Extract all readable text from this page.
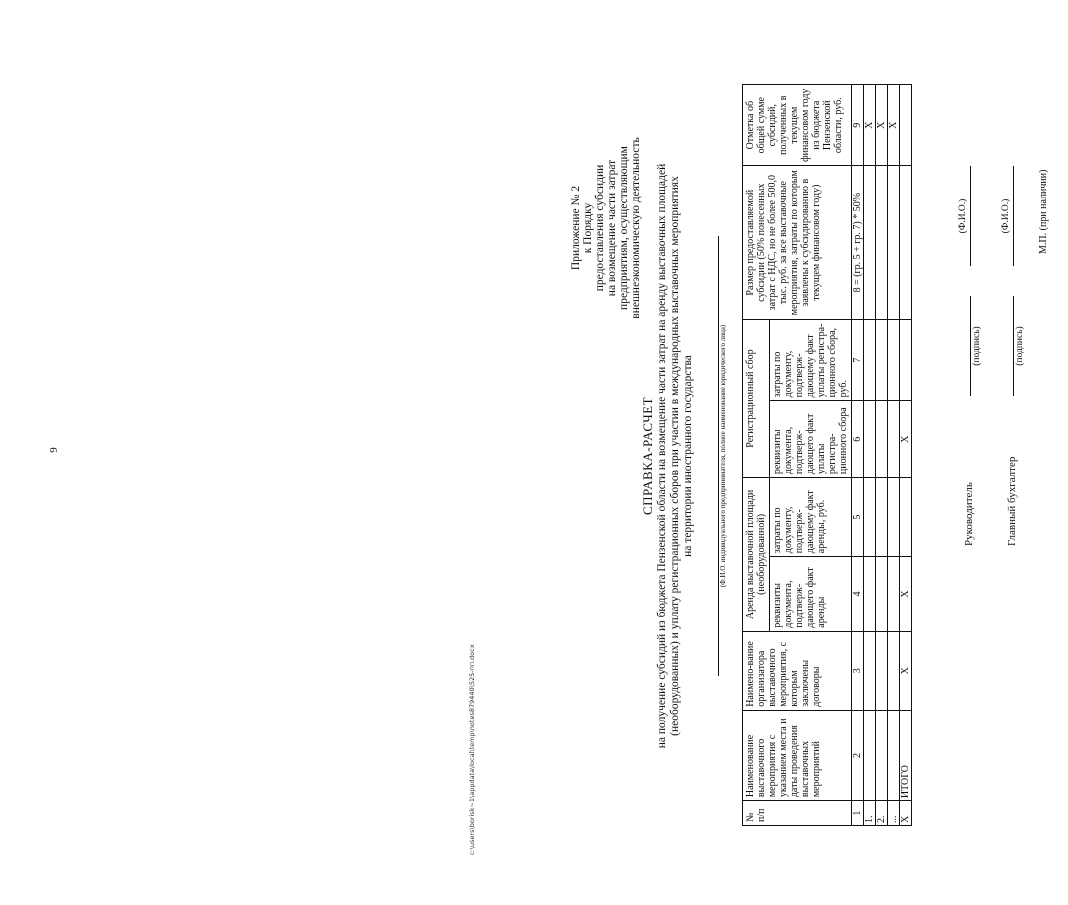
9
c:\users\borisk~1\appdata\local\temp\notes879440\525-пп.docx
Приложение № 2 к Порядку предоставления субсидии на возмещение части затрат предприятиям, осуществляющим внешнеэкономическую деятельность
СПРАВКА-РАСЧЕТ на получение субсидий из бюджета Пензенской области на возмещение части затрат на аренду выставочных площадей (необорудованных) и уплату регистрационных сборов при участии в международных выставочных мероприятиях на территории иностранного государства	(Ф.И.О. индивидуального предпринимателя, полное наименование юридического лица)
№ п/п	Наименование выставочного мероприятия с указанием места и даты проведения выставочных мероприятий	Наимено-вание организатора выставочного мероприятия, с которым заключены договоры	Аренда выставочной площади (необорудованной)		Регистрационный сбор		Размер предоставляемой субсидии (50% понесенных затрат с НДС, но не более 500,0 тыс. руб. за все выставочные мероприятия, затраты по которым заявлены к субсидированию в текущем финансовом году)	Отметка об общей сумме субсидий, полученных в текущем финансовом году из бюджета Пензенской области, руб.
			реквизиты документа, подтверж-дающего факт аренды	затраты по документу, подтверж-дающему факт аренды, руб.	реквизиты документа, подтверж-дающего факт уплаты регистра-ционного сбора	затраты по документу, подтверж-дающему факт уплаты регистра-ционного сбора, руб.		
1	2	3	4	5	6	7	8 = (гр. 5 + гр. 7) * 50%	9
1.								Х
2.								Х
...								Х
Х	ИТОГО	Х	Х		Х			
Руководитель
(подпись)
(Ф.И.О.)
Главный бухгалтер
(подпись)
(Ф.И.О.)	М.П. (при наличии)
